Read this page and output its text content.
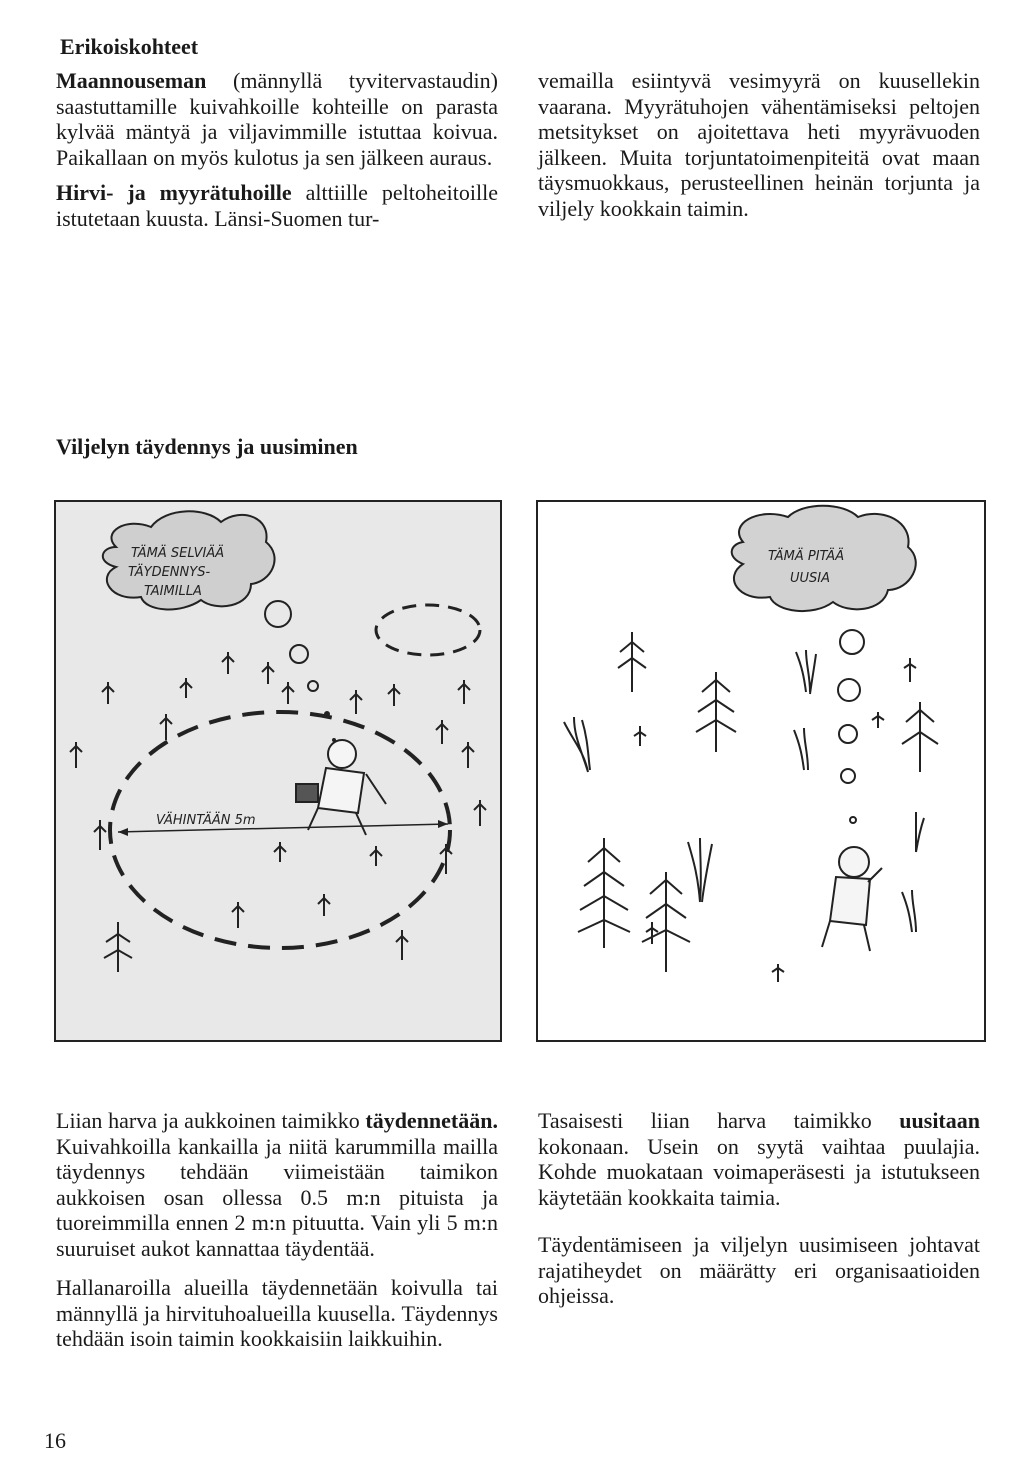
Erikoiskohteet

Maannouseman (männyllä tyvitervastaudin) saastuttamille kuivahkoille kohteille on parasta kylvää mäntyä ja viljavimmille istuttaa koivua. Paikallaan on myös kulotus ja sen jälkeen auraus.

Hirvi- ja myyrätuhoille alttiille peltoheitoille istutetaan kuusta. Länsi-Suomen tur-

vemailla esiintyvä vesimyyrä on kuusellekin vaarana. Myyrätuhojen vähentämiseksi peltojen metsitykset on ajoitettava heti myyrävuoden jälkeen. Muita torjuntatoimenpiteitä ovat maan täysmuokkaus, perusteellinen heinän torjunta ja viljely kookkain taimin.

Viljelyn täydennys ja uusiminen
TÄMÄ SELVIÄÄ
TÄYDENNYS-
TAIMILLA
VÄHINTÄÄN 5m
TÄMÄ PITÄÄ
UUSIA

Liian harva ja aukkoinen taimikko täydennetään. Kuivahkoilla kankailla ja niitä karummilla mailla täydennys tehdään viimeistään taimikon aukkoisen osan ollessa 0.5 m:n pituista ja tuoreimmilla ennen 2 m:n pituutta. Vain yli 5 m:n suuruiset aukot kannattaa täydentää.

Hallanaroilla alueilla täydennetään koivulla tai männyllä ja hirvituhoalueilla kuusella. Täydennys tehdään isoin taimin kookkaisiin laikkuihin.

Tasaisesti liian harva taimikko uusitaan kokonaan. Usein on syytä vaihtaa puulajia. Kohde muokataan voimaperäsesti ja istutukseen käytetään kookkaita taimia.

Täydentämiseen ja viljelyn uusimiseen johtavat rajatiheydet on määrätty eri organisaatioiden ohjeissa.

16
